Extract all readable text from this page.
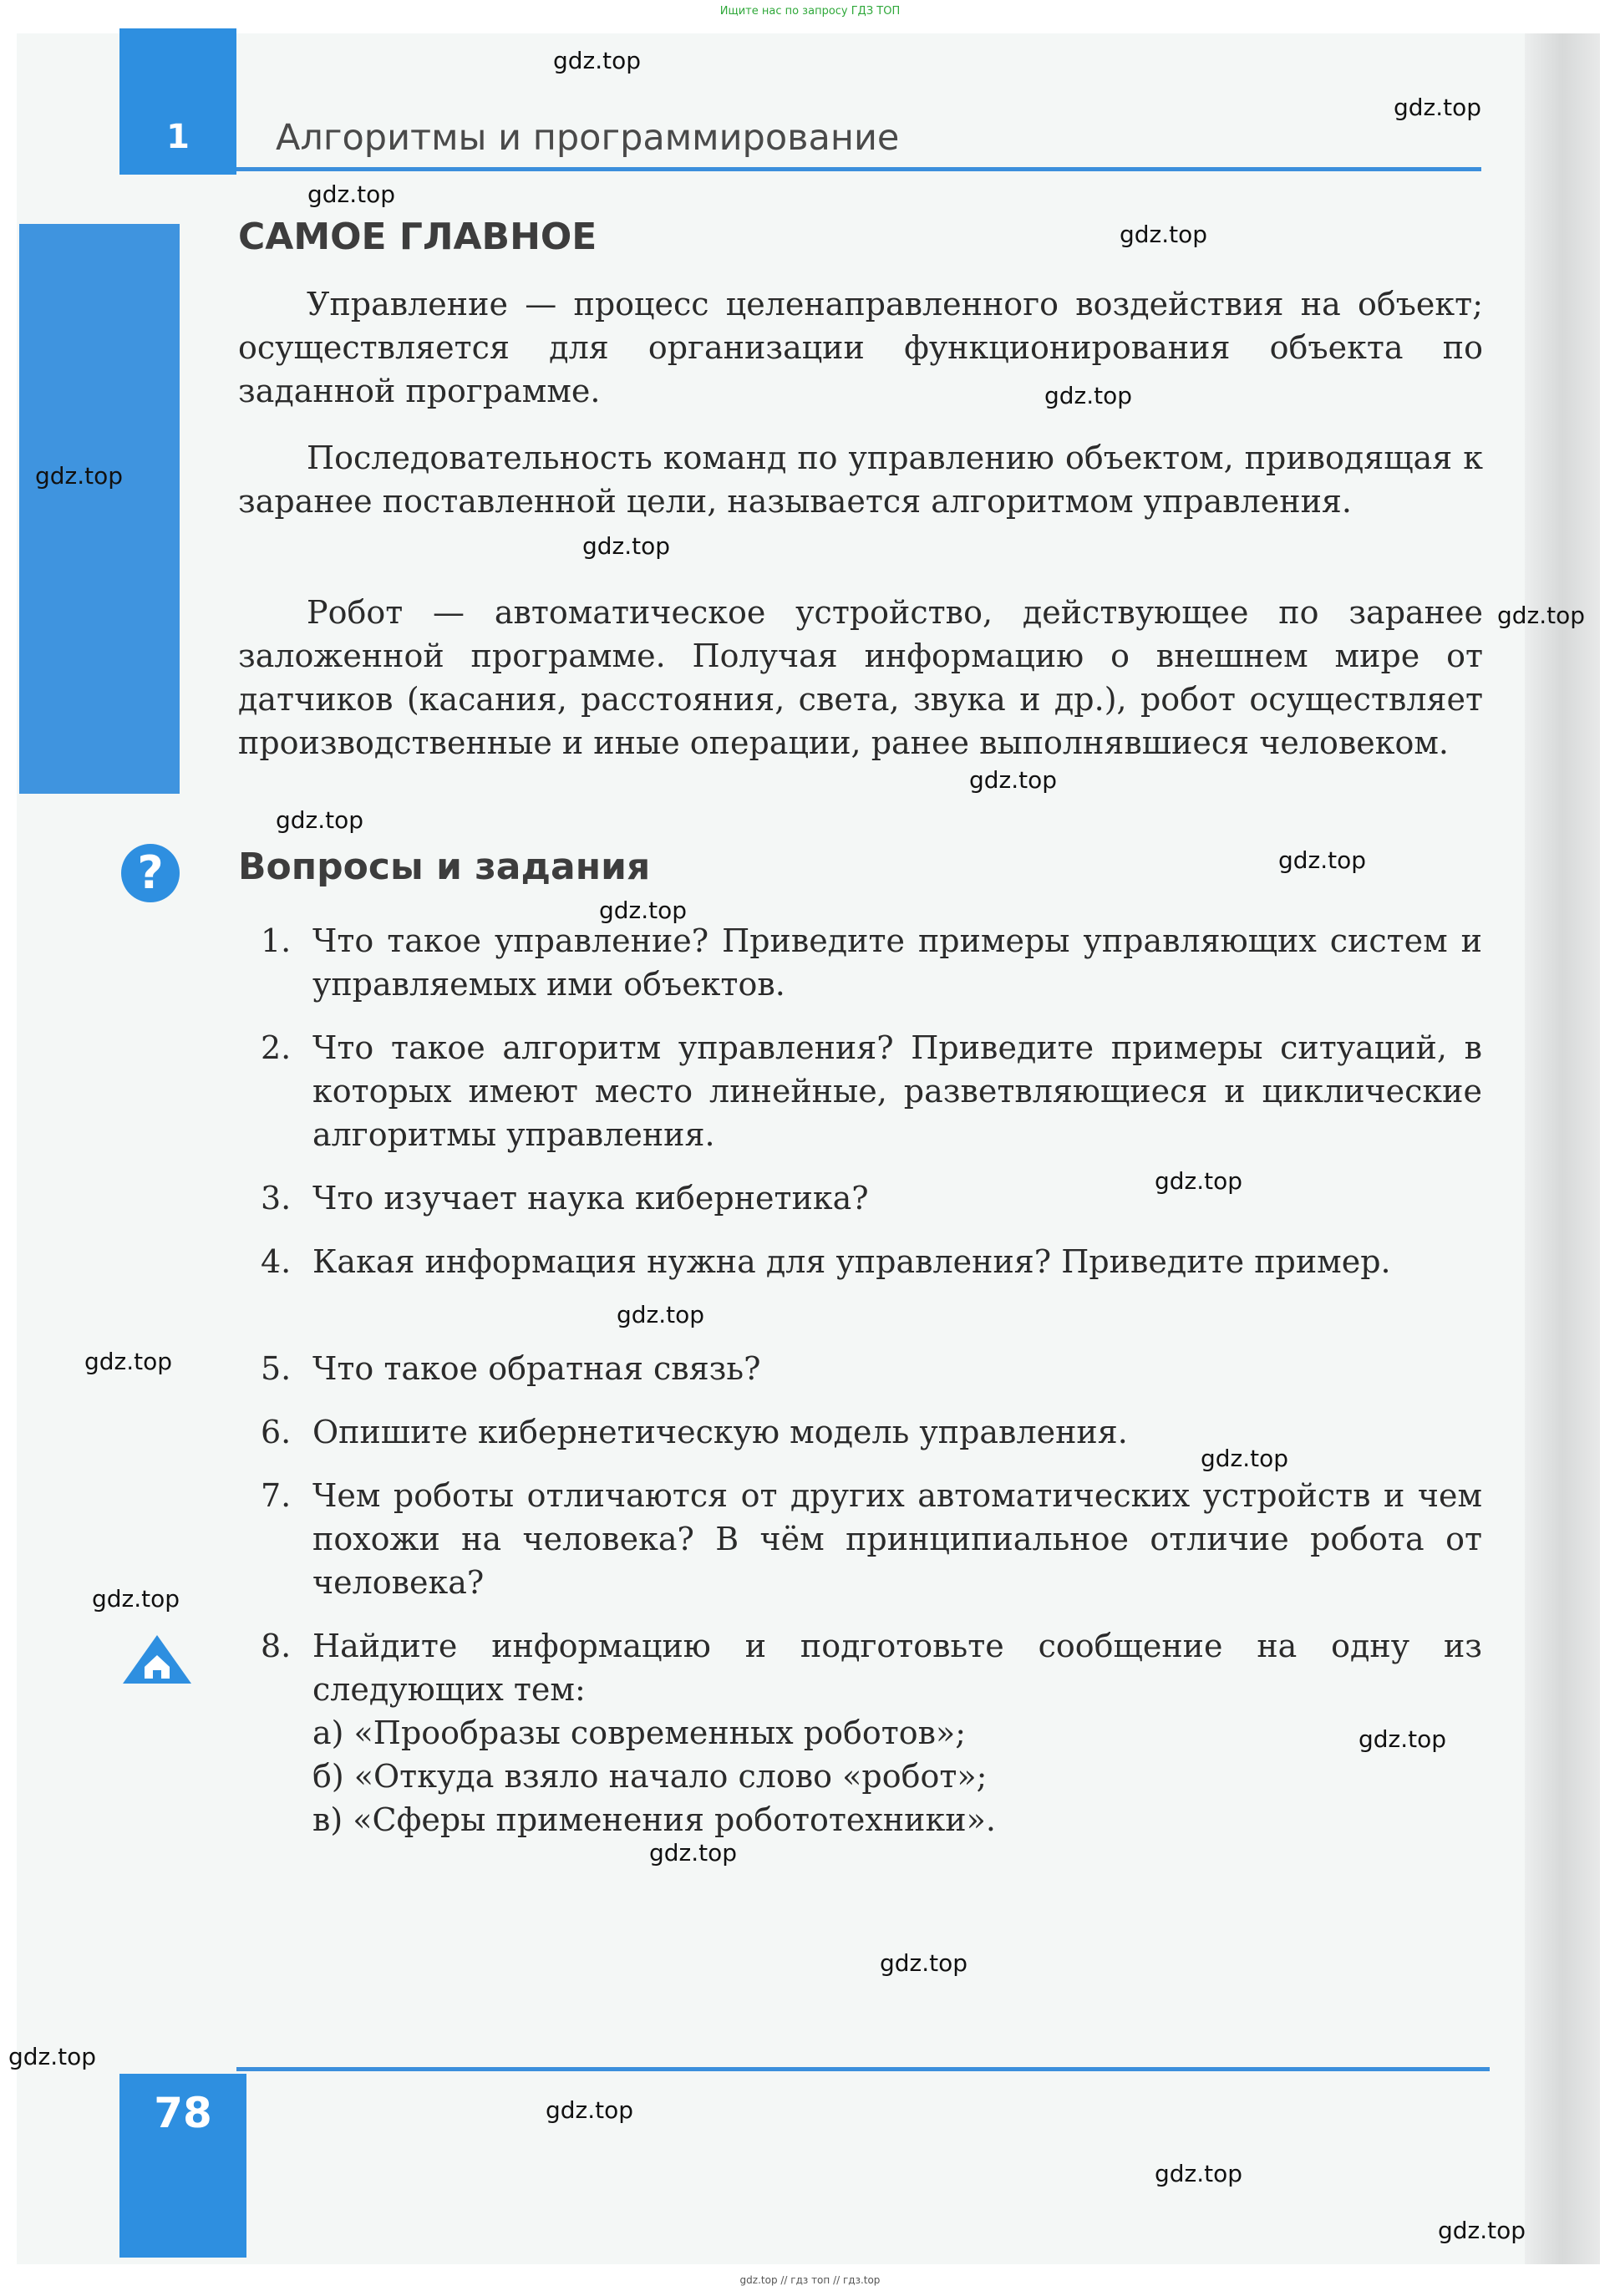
Ищите нас по запросу ГДЗ ТОП
1 Алгоритмы и программирование
САМОЕ ГЛАВНОЕ
Управление — процесс целенаправленного воздействия на объект; осуществляется для организации функционирования объекта по заданной программе.
Последовательность команд по управлению объектом, приводящая к заранее поставленной цели, называется алгоритмом управления.
Робот — автоматическое устройство, действующее по заранее заложенной программе. Получая информацию о внешнем мире от датчиков (касания, расстояния, света, звука и др.), робот осуществляет производственные и иные операции, ранее выполнявшиеся человеком.
?	Вопросы и задания
1. Что такое управление? Приведите примеры управляющих систем и управляемых ими объектов.
2. Что такое алгоритм управления? Приведите примеры ситуаций, в которых имеют место линейные, разветвляющиеся и циклические алгоритмы управления.
3. Что изучает наука кибернетика?
4. Какая информация нужна для управления? Приведите пример.
5. Что такое обратная связь?
6. Опишите кибернетическую модель управления.
7. Чем роботы отличаются от других автоматических устройств и чем похожи на человека? В чём принципиальное отличие робота от человека?
8. Найдите информацию и подготовьте сообщение на одну из следующих тем:
а) «Прообразы современных роботов»;
б) «Откуда взяло начало слово «робот»;
в) «Сферы применения робототехники».
78
gdz.top
gdz.top
gdz.top
gdz.top
gdz.top
gdz.top
gdz.top
gdz.top
gdz.top
gdz.top
gdz.top
gdz.top
gdz.top
gdz.top
gdz.top
gdz.top
gdz.top
gdz.top
gdz.top
gdz.top
gdz.top
gdz.top
gdz.top
gdz.top
gdz.top // гдз топ // гдз.top
